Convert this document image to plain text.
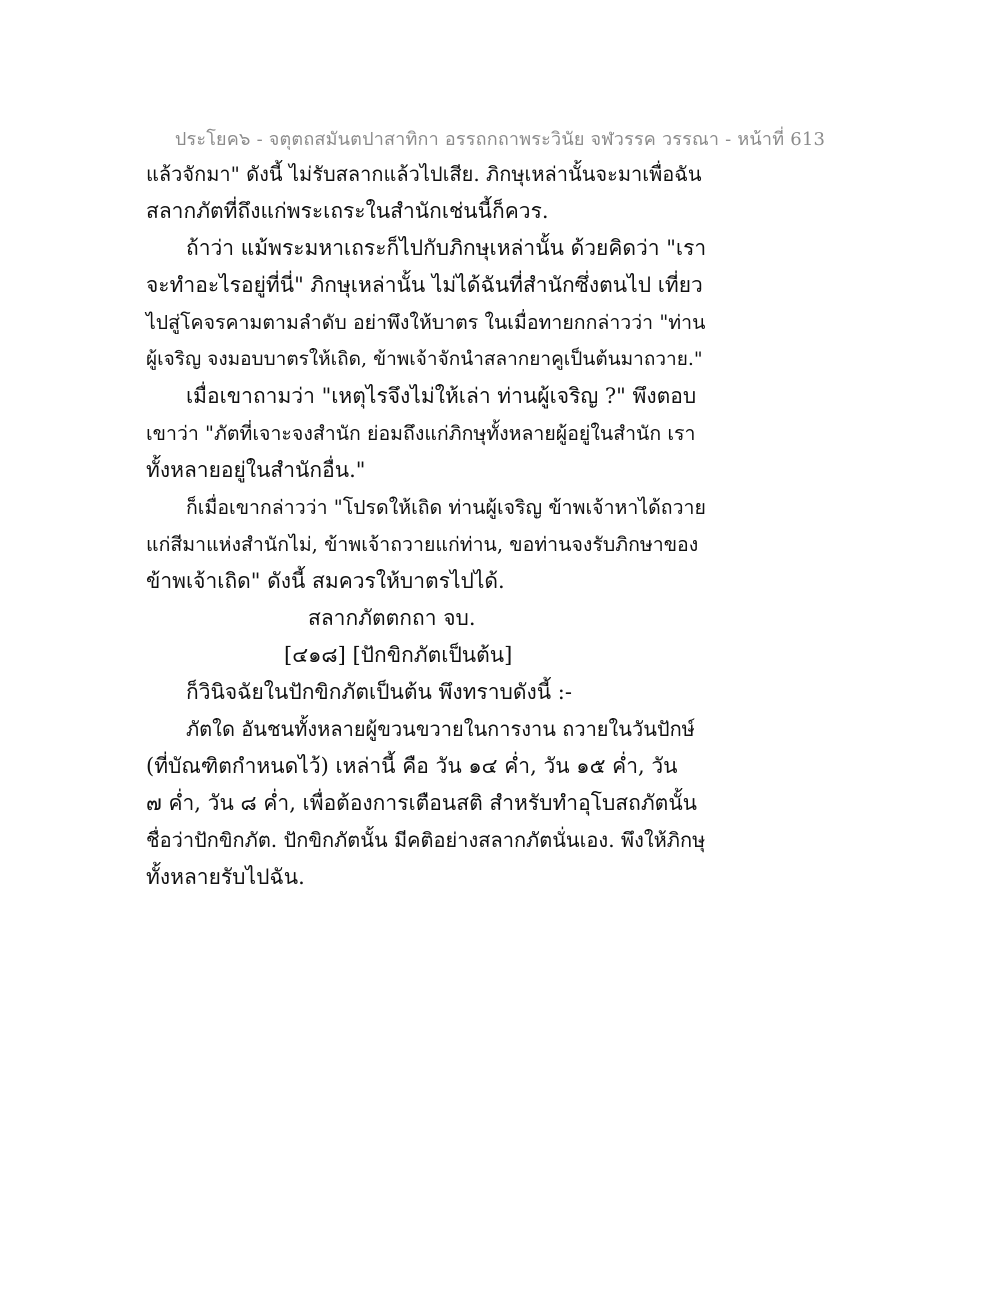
ประโยค๖ - จตุตถสมันตปาสาทิกา อรรถกถาพระวินัย จฬวรรค วรรณา - หน้าที่ 613
แล้วจักมา" ดังนี้ ไม่รับสลากแล้วไปเสีย. ภิกษุเหล่านั้นจะมาเพื่อฉัน
สลากภัตที่ถึงแก่พระเถระในสำนักเช่นนี้ก็ควร.
ถ้าว่า แม้พระมหาเถระก็ไปกับภิกษุเหล่านั้น ด้วยคิดว่า "เรา
จะทำอะไรอยู่ที่นี่" ภิกษุเหล่านั้น ไม่ได้ฉันที่สำนักซึ่งตนไป เที่ยว
ไปสู่โคจรคามตามลำดับ อย่าพึงให้บาตร ในเมื่อทายกกล่าวว่า "ท่าน
ผู้เจริญ จงมอบบาตรให้เถิด, ข้าพเจ้าจักนำสลากยาคูเป็นต้นมาถวาย."
เมื่อเขาถามว่า "เหตุไรจึงไม่ให้เล่า ท่านผู้เจริญ ?" พึงตอบ
เขาว่า "ภัตที่เจาะจงสำนัก ย่อมถึงแก่ภิกษุทั้งหลายผู้อยู่ในสำนัก เรา
ทั้งหลายอยู่ในสำนักอื่น."
ก็เมื่อเขากล่าวว่า "โปรดให้เถิด ท่านผู้เจริญ ข้าพเจ้าหาได้ถวาย
แก่สีมาแห่งสำนักไม่, ข้าพเจ้าถวายแก่ท่าน, ขอท่านจงรับภิกษาของ
ข้าพเจ้าเถิด" ดังนี้ สมควรให้บาตรไปได้.
สลากภัตตกถา จบ.
[๔๑๘] [ปักขิกภัตเป็นต้น]
ก็วินิจฉัยในปักขิกภัตเป็นต้น พึงทราบดังนี้ :-
ภัตใด อันชนทั้งหลายผู้ขวนขวายในการงาน ถวายในวันปักษ์
(ที่บัณฑิตกำหนดไว้) เหล่านี้ คือ วัน ๑๔ ค่ำ, วัน ๑๕ ค่ำ, วัน
๗ ค่ำ, วัน ๘ ค่ำ, เพื่อต้องการเตือนสติ สำหรับทำอุโบสถภัตนั้น
ชื่อว่าปักขิกภัต. ปักขิกภัตนั้น มีคติอย่างสลากภัตนั่นเอง. พึงให้ภิกษุ
ทั้งหลายรับไปฉัน.
